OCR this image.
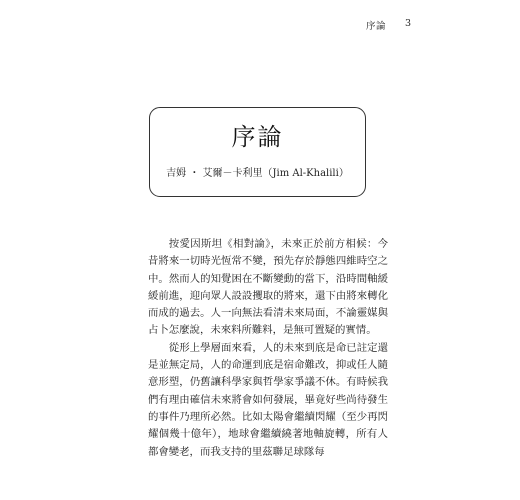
序論 3
序論
吉姆 ・ 艾爾－卡利里（Jim Al-Khalili）

按愛因斯坦《相對論》，未來正於前方相候：今昔將來一切時光恆常不變，預先存於靜態四維時空之中。然而人的知覺困在不斷變動的當下，沿時間軸緩緩前進，迎向眾人設設攫取的將來，還下由將來轉化而成的過去。人一向無法看清未來局面，不論靈媒與占卜怎麼說，未來料所難料，是無可置疑的實情。

從形上學層面來看，人的未來到底是命已註定還是並無定局，人的命運到底是宿命難改，抑或任人隨意形塑，仍舊讓科學家與哲學家爭議不休。有時候我們有理由確信未來將會如何發展，畢竟好些尚待發生的事件乃理所必然。比如太陽會繼續閃耀（至少再閃耀個幾十億年），地球會繼續繞著地軸旋轉，所有人都會變老，而我支持的里茲聯足球隊每
